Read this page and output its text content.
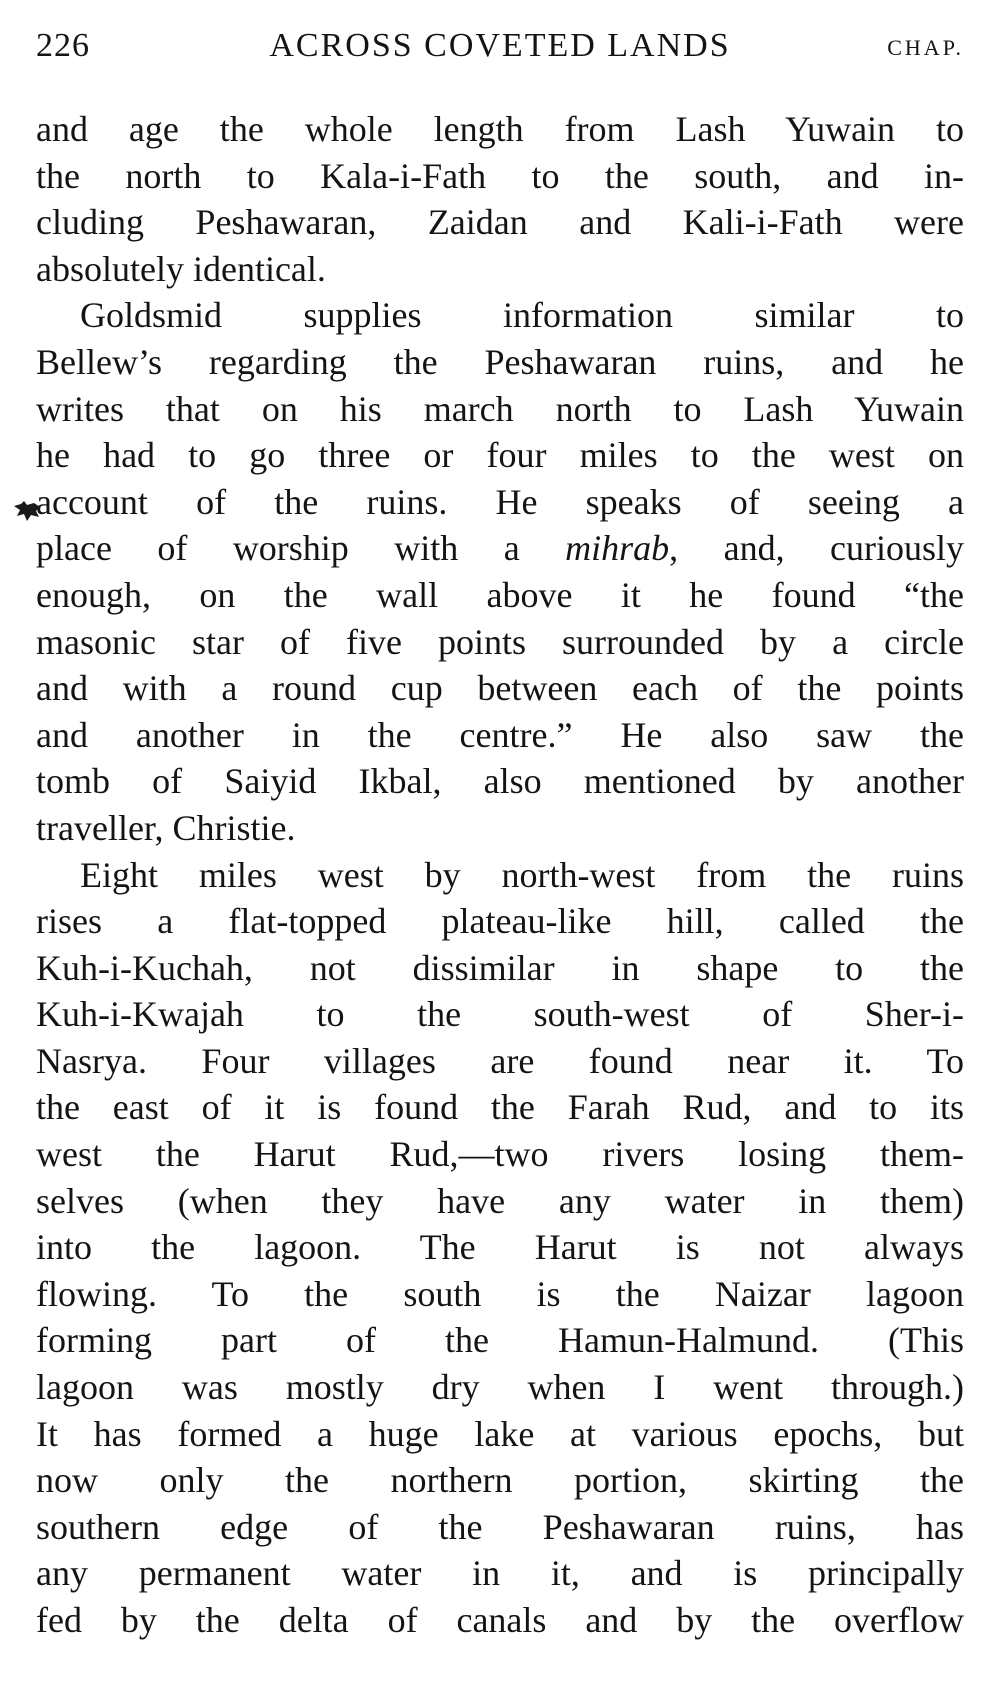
226	ACROSS COVETED LANDS	CHAP.

and age the whole length from Lash Yuwain to
the north to Kala-i-Fath to the south, and in-
cluding Peshawaran, Zaidan and Kali-i-Fath were
absolutely identical.

Goldsmid supplies information similar to
Bellew’s regarding the Peshawaran ruins, and he
writes that on his march north to Lash Yuwain
he had to go three or four miles to the west on
account of the ruins. He speaks of seeing a
place of worship with a mihrab, and, curiously
enough, on the wall above it he found “the
masonic star of five points surrounded by a circle
and with a round cup between each of the points
and another in the centre.” He also saw the
tomb of Saiyid Ikbal, also mentioned by another
traveller, Christie.

Eight miles west by north-west from the ruins
rises a flat-topped plateau-like hill, called the
Kuh-i-Kuchah, not dissimilar in shape to the
Kuh-i-Kwajah to the south-west of Sher-i-
Nasrya. Four villages are found near it. To
the east of it is found the Farah Rud, and to its
west the Harut Rud,—two rivers losing them-
selves (when they have any water in them)
into the lagoon. The Harut is not always
flowing. To the south is the Naizar lagoon
forming part of the Hamun-Halmund. (This
lagoon was mostly dry when I went through.)
It has formed a huge lake at various epochs, but
now only the northern portion, skirting the
southern edge of the Peshawaran ruins, has
any permanent water in it, and is principally
fed by the delta of canals and by the overflow
